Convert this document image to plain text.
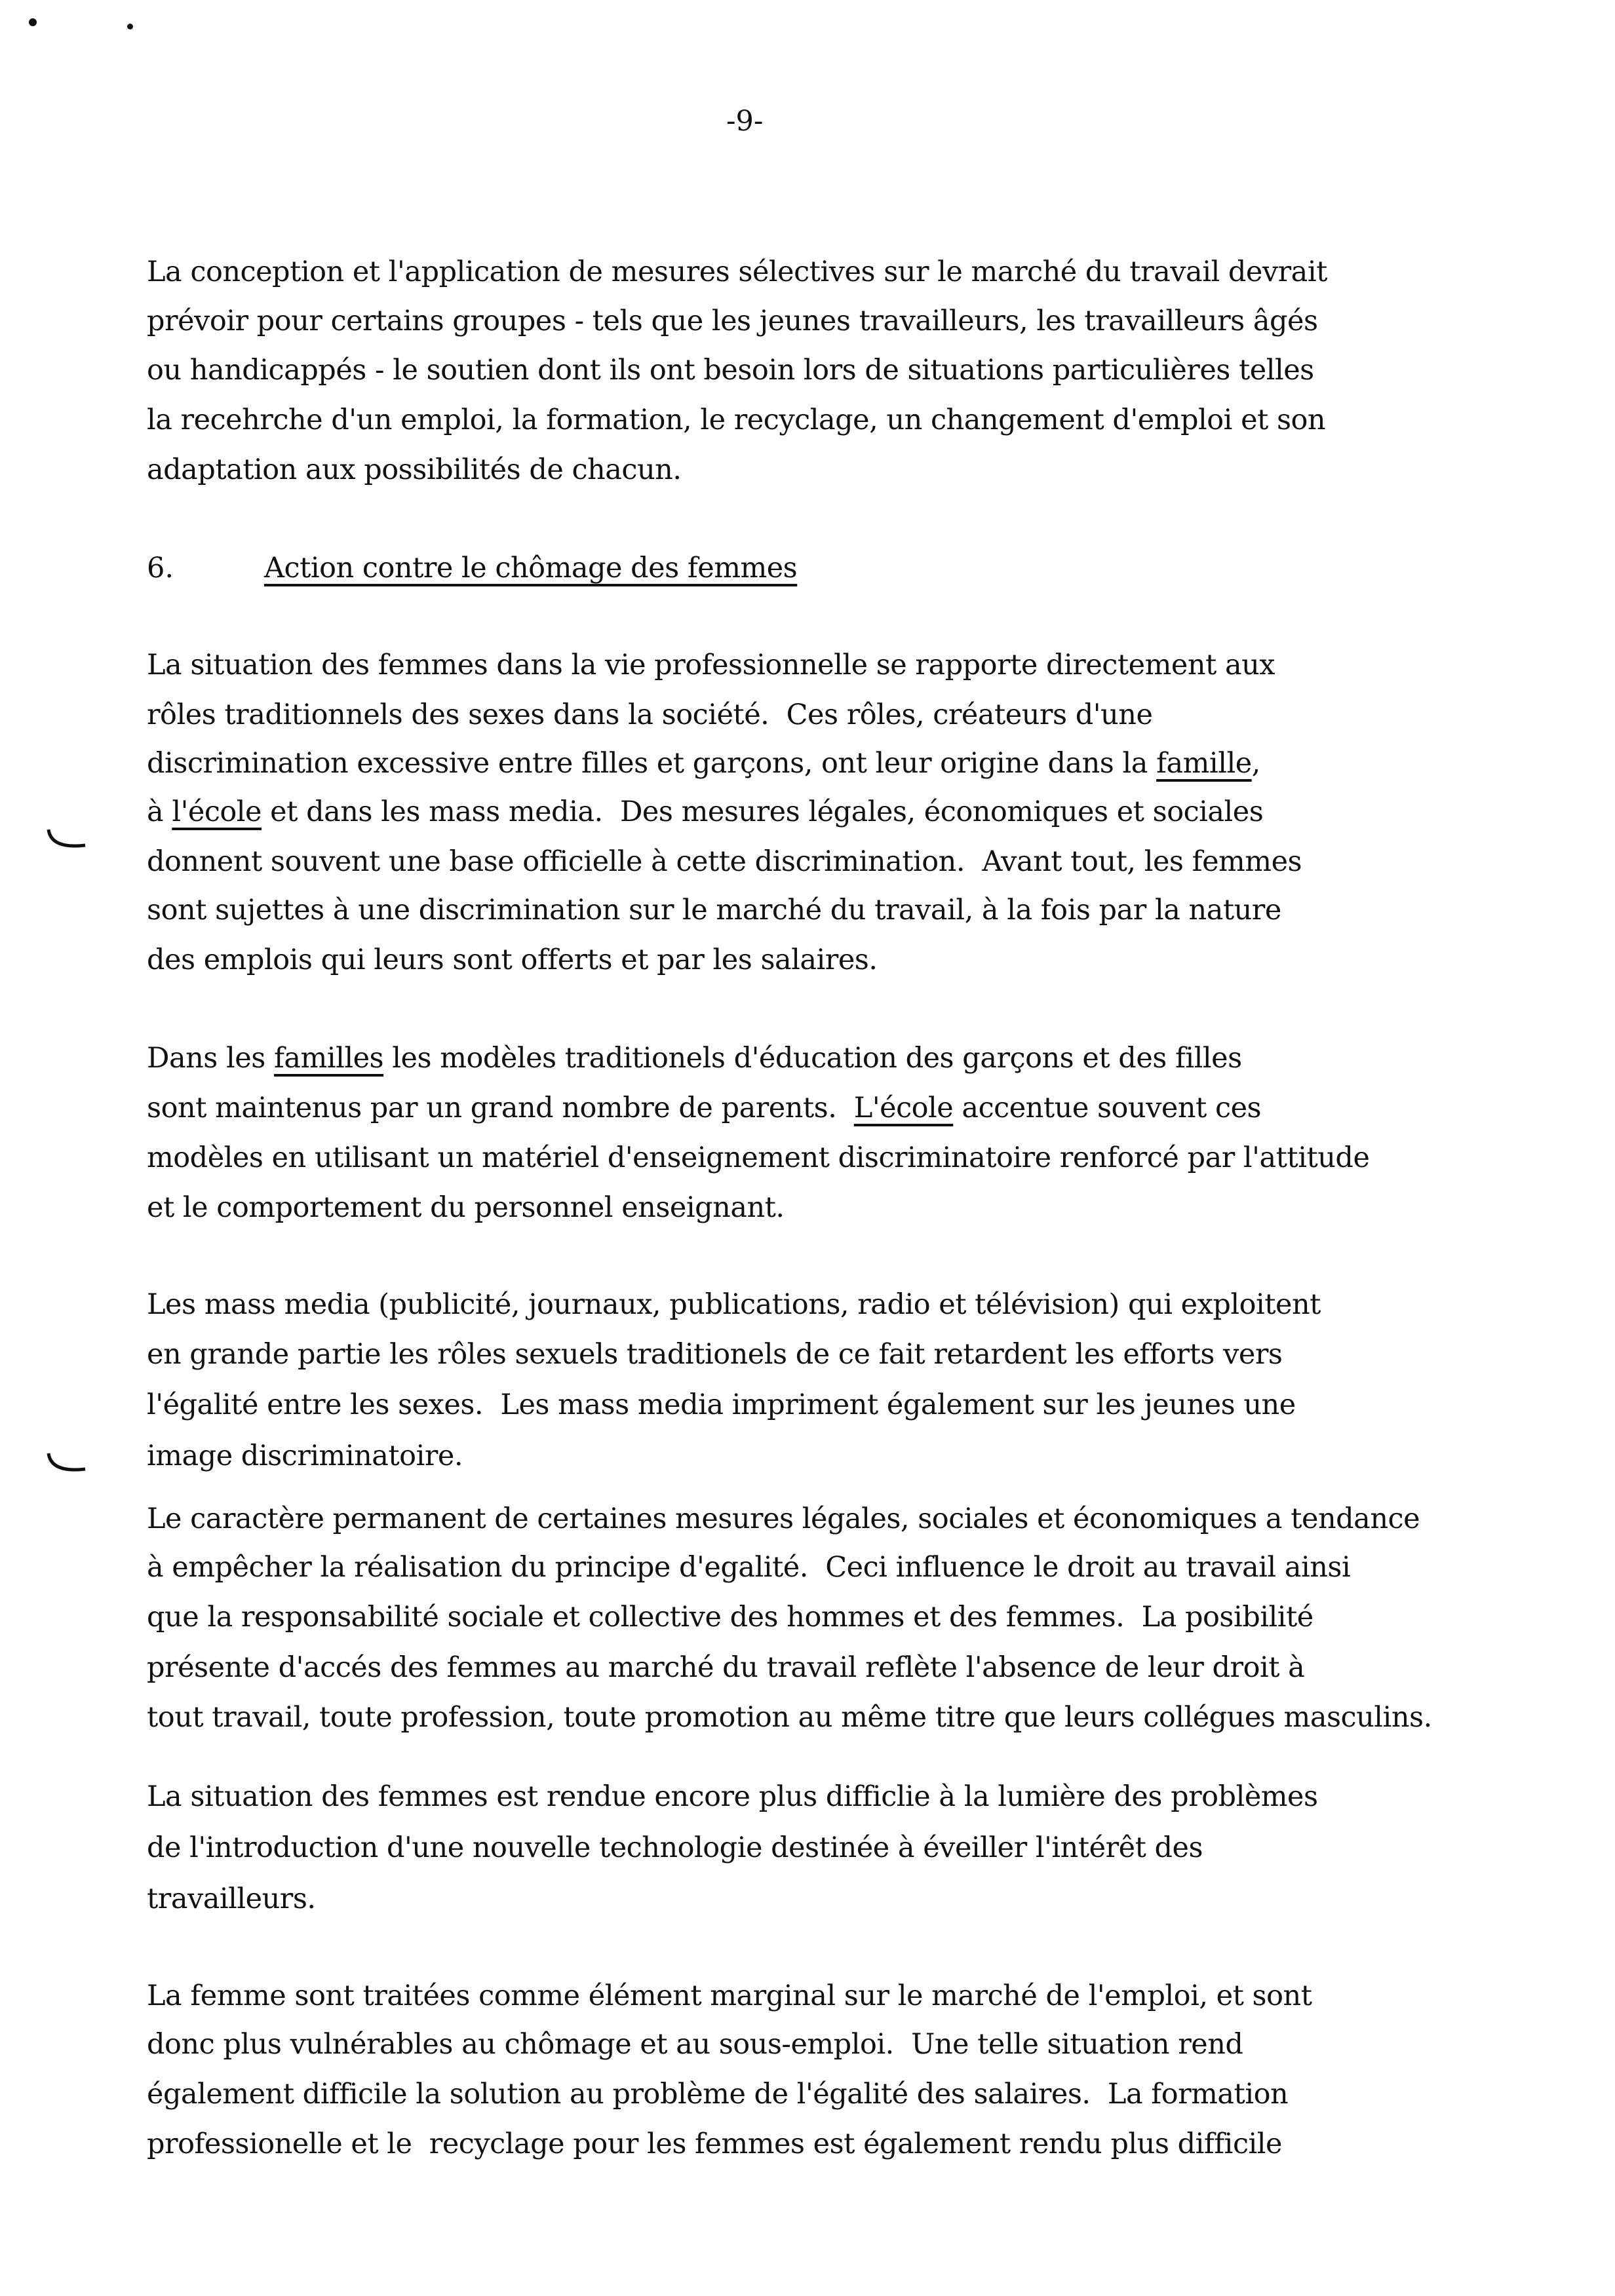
-9-
6.	Action contre le chômage des femmes
La conception et l'application de mesures sélectives sur le marché du travail devrait
prévoir pour certains groupes - tels que les jeunes travailleurs, les travailleurs âgés
ou handicappés - le soutien dont ils ont besoin lors de situations particulières telles
la recehrche d'un emploi, la formation, le recyclage, un changement d'emploi et son
adaptation aux possibilités de chacun.
La situation des femmes dans la vie professionnelle se rapporte directement aux
rôles traditionnels des sexes dans la société.  Ces rôles, créateurs d'une
discrimination excessive entre filles et garçons, ont leur origine dans la famille,
à l'école et dans les mass media.  Des mesures légales, économiques et sociales
donnent souvent une base officielle à cette discrimination.  Avant tout, les femmes
sont sujettes à une discrimination sur le marché du travail, à la fois par la nature
des emplois qui leurs sont offerts et par les salaires.
Dans les familles les modèles traditionels d'éducation des garçons et des filles
sont maintenus par un grand nombre de parents.  L'école accentue souvent ces
modèles en utilisant un matériel d'enseignement discriminatoire renforcé par l'attitude
et le comportement du personnel enseignant.
Les mass media (publicité, journaux, publications, radio et télévision) qui exploitent
en grande partie les rôles sexuels traditionels de ce fait retardent les efforts vers
l'égalité entre les sexes.  Les mass media impriment également sur les jeunes une
image discriminatoire.
Le caractère permanent de certaines mesures légales, sociales et économiques a tendance
à empêcher la réalisation du principe d'egalité.  Ceci influence le droit au travail ainsi
que la responsabilité sociale et collective des hommes et des femmes.  La posibilité
présente d'accés des femmes au marché du travail reflète l'absence de leur droit à
tout travail, toute profession, toute promotion au même titre que leurs collégues masculins.
La situation des femmes est rendue encore plus difficlie à la lumière des problèmes
de l'introduction d'une nouvelle technologie destinée à éveiller l'intérêt des
travailleurs.
La femme sont traitées comme élément marginal sur le marché de l'emploi, et sont
donc plus vulnérables au chômage et au sous-emploi.  Une telle situation rend
également difficile la solution au problème de l'égalité des salaires.  La formation
professionelle et le  recyclage pour les femmes est également rendu plus difficile
